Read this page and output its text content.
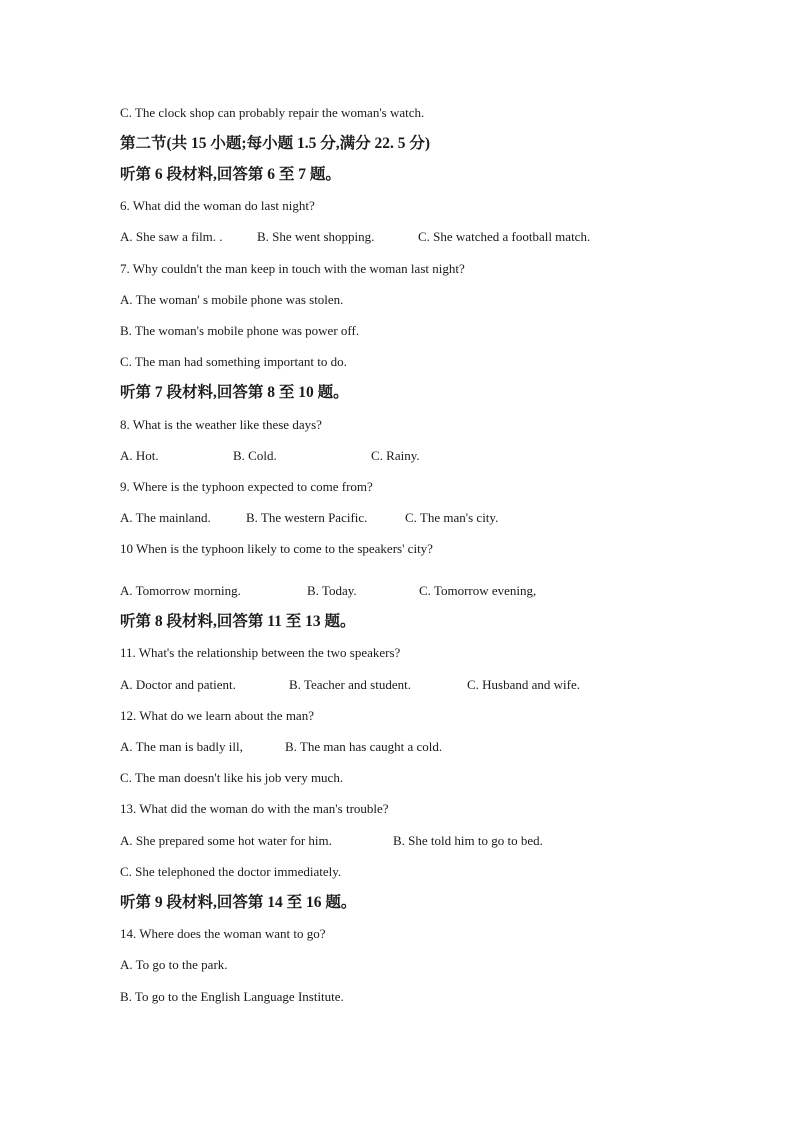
C. The clock shop can probably repair the woman's watch.
第二节(共 15 小题;每小题 1.5 分,满分 22. 5 分)
听第 6 段材料,回答第 6 至 7 题。
6. What did the woman do last night?
A. She saw a film. .	B. She went shopping.	C. She watched a football match.
7. Why couldn't the man keep in touch with the woman last night?
A. The woman' s mobile phone was stolen.
B. The woman's mobile phone was power off.
C. The man had something important to do.
听第 7 段材料,回答第 8 至 10 题。
8. What is the weather like these days?
A. Hot.	B. Cold.	C. Rainy.
9. Where is the typhoon expected to come from?
A. The mainland.	B. The western Pacific.	C. The man's city.
10 When is the typhoon likely to come to the speakers' city?
A. Tomorrow morning.	B. Today.	C. Tomorrow evening,
听第 8 段材料,回答第 11 至 13 题。
11. What's the relationship between the two speakers?
A. Doctor and patient.	B. Teacher and student.	C. Husband and wife.
12. What do we learn about the man?
A. The man is badly ill,	B. The man has caught a cold.
C. The man doesn't like his job very much.
13. What did the woman do with the man's trouble?
A. She prepared some hot water for him.	B. She told him to go to bed.
C. She telephoned the doctor immediately.
听第 9 段材料,回答第 14 至 16 题。
14. Where does the woman want to go?
A. To go to the park.
B. To go to the English Language Institute.
